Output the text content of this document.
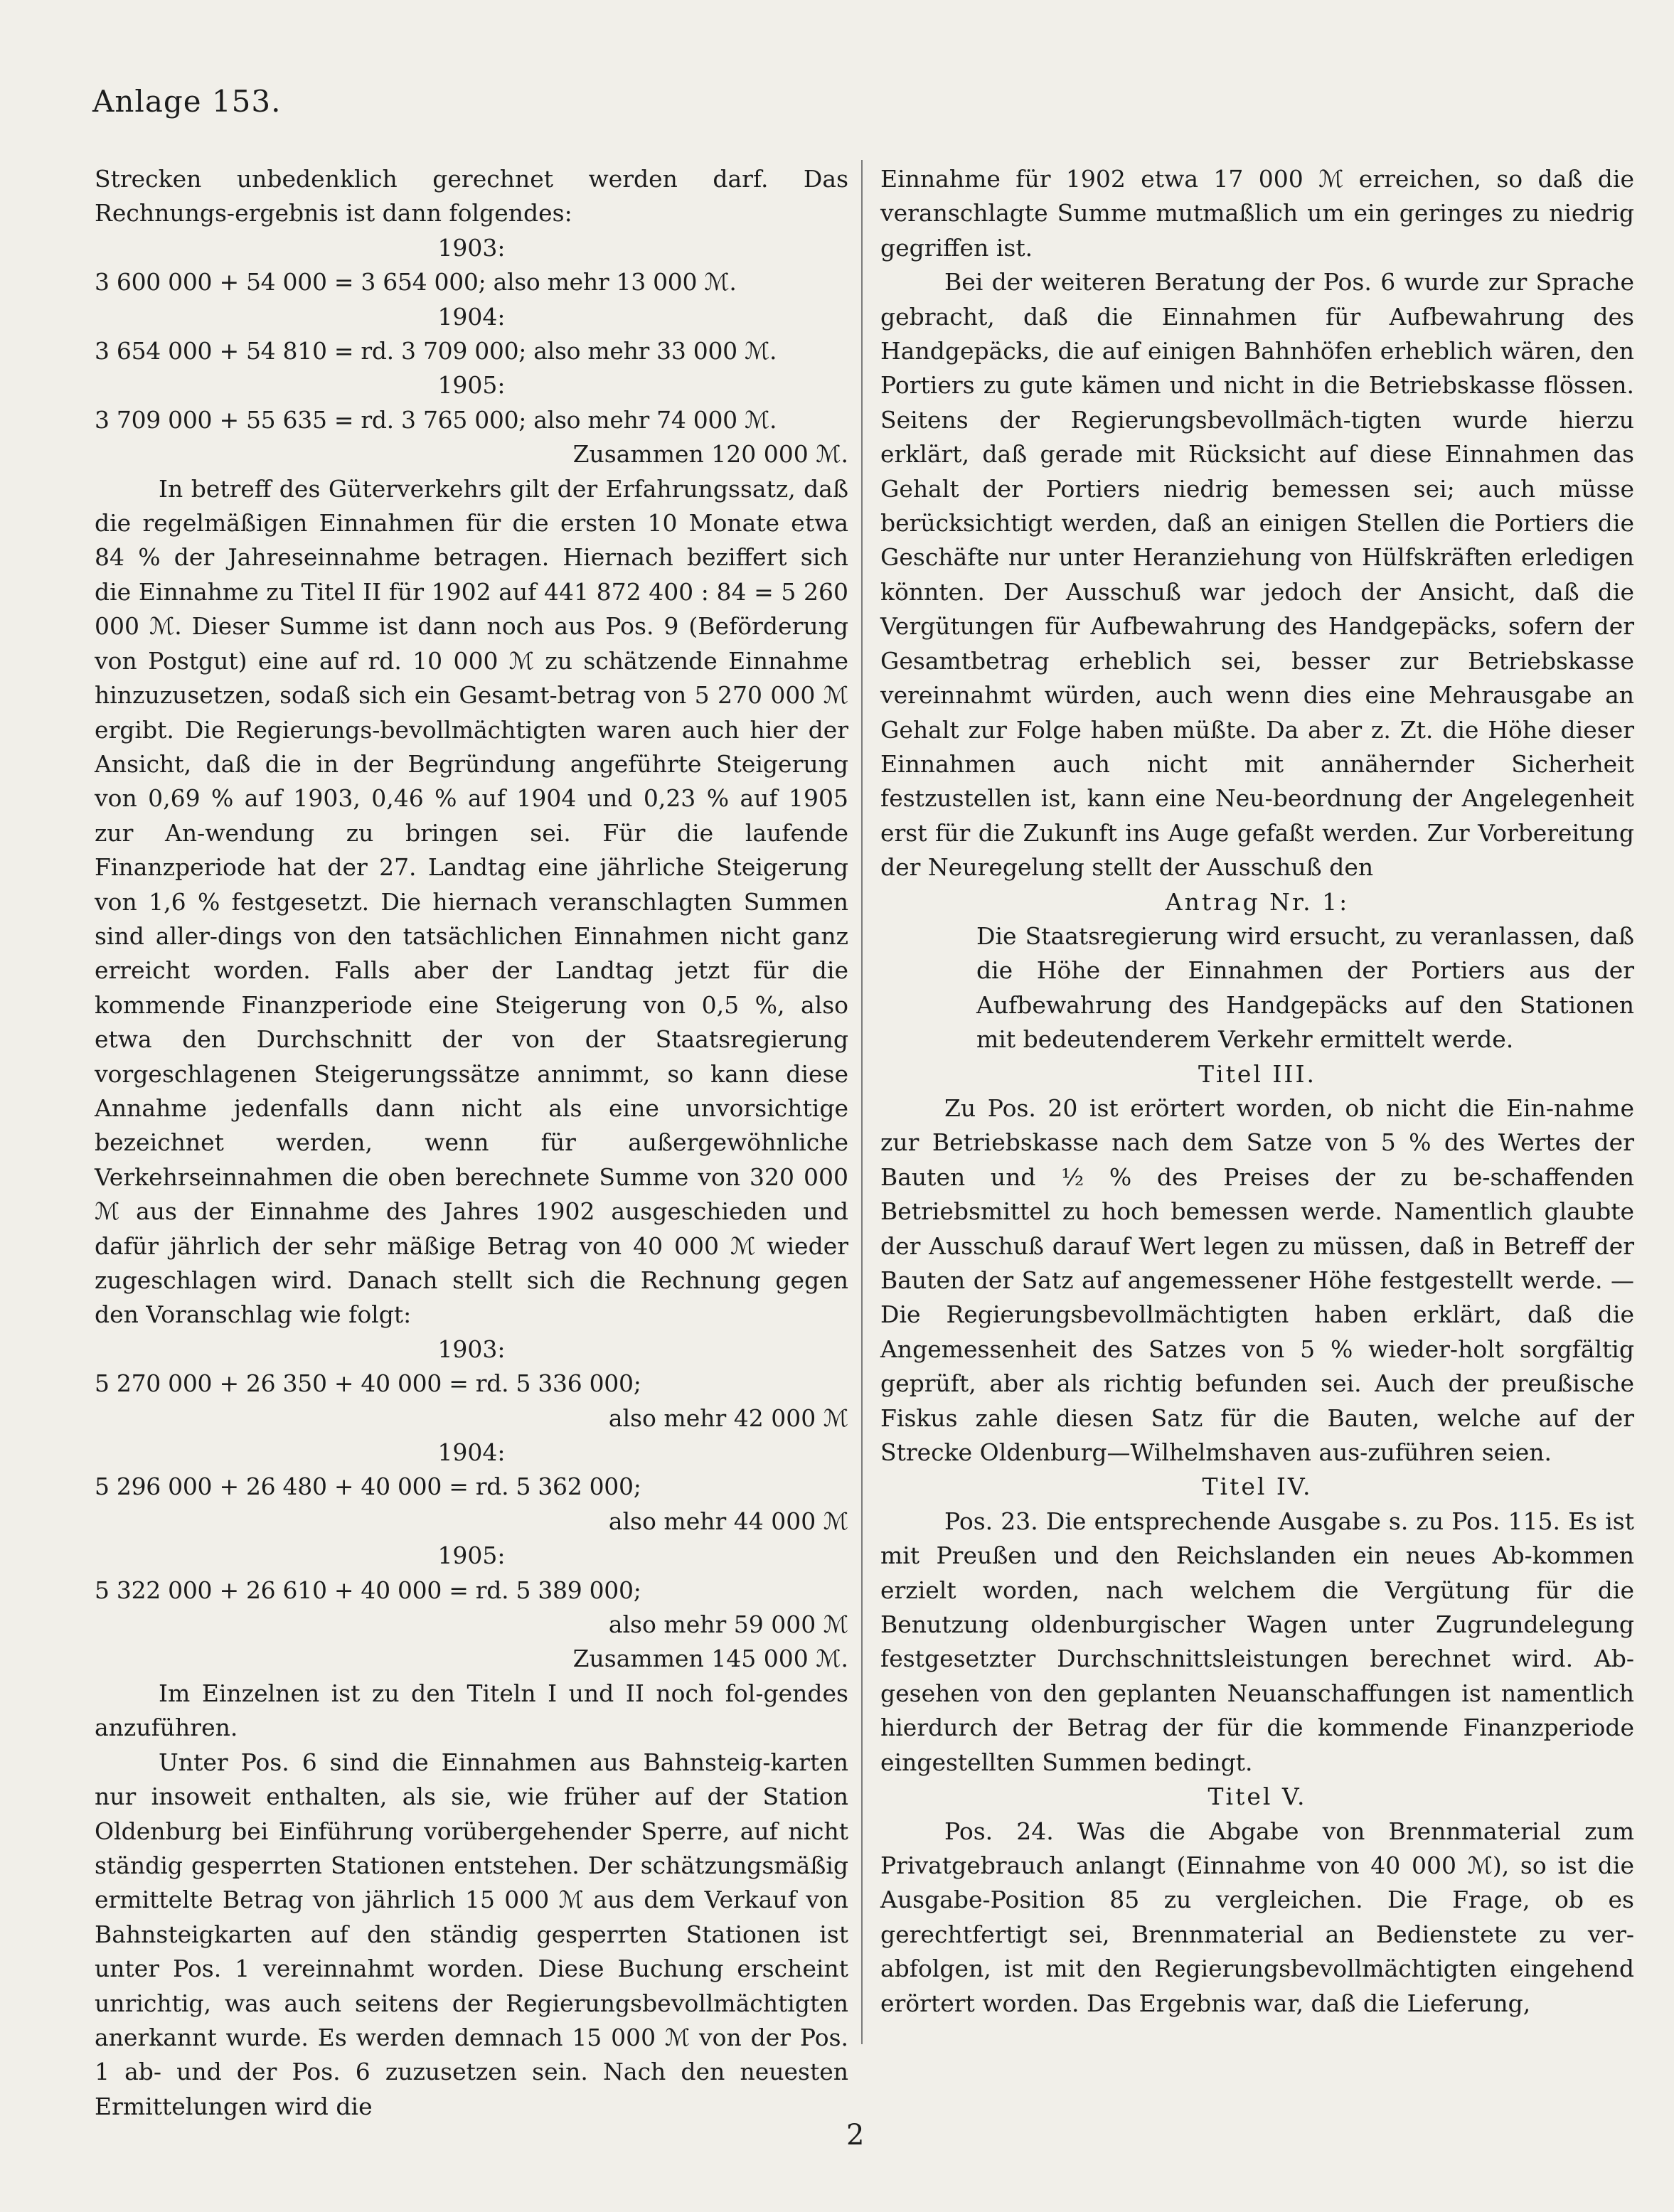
Anlage 153.

Strecken unbedenklich gerechnet werden darf. Das Rechnungs-ergebnis ist dann folgendes:

1903:

3 600 000 + 54 000 = 3 654 000; also mehr 13 000 ℳ.

1904:

3 654 000 + 54 810 = rd. 3 709 000; also mehr 33 000 ℳ.

1905:

3 709 000 + 55 635 = rd. 3 765 000; also mehr 74 000 ℳ.

Zusammen 120 000 ℳ.

In betreff des Güterverkehrs gilt der Erfahrungssatz, daß die regelmäßigen Einnahmen für die ersten 10 Monate etwa 84 % der Jahreseinnahme betragen. Hiernach beziffert sich die Einnahme zu Titel II für 1902 auf 441 872 400 : 84 = 5 260 000 ℳ. Dieser Summe ist dann noch aus Pos. 9 (Beförderung von Postgut) eine auf rd. 10 000 ℳ zu schätzende Einnahme hinzuzusetzen, sodaß sich ein Gesamt-betrag von 5 270 000 ℳ ergibt. Die Regierungs-bevollmächtigten waren auch hier der Ansicht, daß die in der Begründung angeführte Steigerung von 0,69 % auf 1903, 0,46 % auf 1904 und 0,23 % auf 1905 zur An-wendung zu bringen sei. Für die laufende Finanzperiode hat der 27. Landtag eine jährliche Steigerung von 1,6 % festgesetzt. Die hiernach veranschlagten Summen sind aller-dings von den tatsächlichen Einnahmen nicht ganz erreicht worden. Falls aber der Landtag jetzt für die kommende Finanzperiode eine Steigerung von 0,5 %, also etwa den Durchschnitt der von der Staatsregierung vorgeschlagenen Steigerungssätze annimmt, so kann diese Annahme jedenfalls dann nicht als eine unvorsichtige bezeichnet werden, wenn für außergewöhnliche Verkehrseinnahmen die oben berechnete Summe von 320 000 ℳ aus der Einnahme des Jahres 1902 ausgeschieden und dafür jährlich der sehr mäßige Betrag von 40 000 ℳ wieder zugeschlagen wird. Danach stellt sich die Rechnung gegen den Voranschlag wie folgt:

1903:

5 270 000 + 26 350 + 40 000 = rd. 5 336 000;

also mehr 42 000 ℳ

1904:

5 296 000 + 26 480 + 40 000 = rd. 5 362 000;

also mehr 44 000 ℳ

1905:

5 322 000 + 26 610 + 40 000 = rd. 5 389 000;

also mehr 59 000 ℳ

Zusammen 145 000 ℳ.

Im Einzelnen ist zu den Titeln I und II noch fol-gendes anzuführen.

Unter Pos. 6 sind die Einnahmen aus Bahnsteig-karten nur insoweit enthalten, als sie, wie früher auf der Station Oldenburg bei Einführung vorübergehender Sperre, auf nicht ständig gesperrten Stationen entstehen. Der schätzungsmäßig ermittelte Betrag von jährlich 15 000 ℳ aus dem Verkauf von Bahnsteigkarten auf den ständig gesperrten Stationen ist unter Pos. 1 vereinnahmt worden. Diese Buchung erscheint unrichtig, was auch seitens der Regierungsbevollmächtigten anerkannt wurde. Es werden demnach 15 000 ℳ von der Pos. 1 ab- und der Pos. 6 zuzusetzen sein. Nach den neuesten Ermittelungen wird die

Einnahme für 1902 etwa 17 000 ℳ erreichen, so daß die veranschlagte Summe mutmaßlich um ein geringes zu niedrig gegriffen ist.

Bei der weiteren Beratung der Pos. 6 wurde zur Sprache gebracht, daß die Einnahmen für Aufbewahrung des Handgepäcks, die auf einigen Bahnhöfen erheblich wären, den Portiers zu gute kämen und nicht in die Betriebskasse flössen. Seitens der Regierungsbevollmäch-tigten wurde hierzu erklärt, daß gerade mit Rücksicht auf diese Einnahmen das Gehalt der Portiers niedrig bemessen sei; auch müsse berücksichtigt werden, daß an einigen Stellen die Portiers die Geschäfte nur unter Heranziehung von Hülfskräften erledigen könnten. Der Ausschuß war jedoch der Ansicht, daß die Vergütungen für Aufbewahrung des Handgepäcks, sofern der Gesamtbetrag erheblich sei, besser zur Betriebskasse vereinnahmt würden, auch wenn dies eine Mehrausgabe an Gehalt zur Folge haben müßte. Da aber z. Zt. die Höhe dieser Einnahmen auch nicht mit annähernder Sicherheit festzustellen ist, kann eine Neu-beordnung der Angelegenheit erst für die Zukunft ins Auge gefaßt werden. Zur Vorbereitung der Neuregelung stellt der Ausschuß den

Antrag Nr. 1:

Die Staatsregierung wird ersucht, zu veranlassen, daß die Höhe der Einnahmen der Portiers aus der Aufbewahrung des Handgepäcks auf den Stationen mit bedeutenderem Verkehr ermittelt werde.

Titel III.

Zu Pos. 20 ist erörtert worden, ob nicht die Ein-nahme zur Betriebskasse nach dem Satze von 5 % des Wertes der Bauten und ½ % des Preises der zu be-schaffenden Betriebsmittel zu hoch bemessen werde. Namentlich glaubte der Ausschuß darauf Wert legen zu müssen, daß in Betreff der Bauten der Satz auf angemessener Höhe festgestellt werde. — Die Regierungsbevollmächtigten haben erklärt, daß die Angemessenheit des Satzes von 5 % wieder-holt sorgfältig geprüft, aber als richtig befunden sei. Auch der preußische Fiskus zahle diesen Satz für die Bauten, welche auf der Strecke Oldenburg—Wilhelmshaven aus-zuführen seien.

Titel IV.

Pos. 23. Die entsprechende Ausgabe s. zu Pos. 115. Es ist mit Preußen und den Reichslanden ein neues Ab-kommen erzielt worden, nach welchem die Vergütung für die Benutzung oldenburgischer Wagen unter Zugrundelegung festgesetzter Durchschnittsleistungen berechnet wird. Ab-gesehen von den geplanten Neuanschaffungen ist namentlich hierdurch der Betrag der für die kommende Finanzperiode eingestellten Summen bedingt.

Titel V.

Pos. 24. Was die Abgabe von Brennmaterial zum Privatgebrauch anlangt (Einnahme von 40 000 ℳ), so ist die Ausgabe-Position 85 zu vergleichen. Die Frage, ob es gerechtfertigt sei, Brennmaterial an Bedienstete zu ver-abfolgen, ist mit den Regierungsbevollmächtigten eingehend erörtert worden. Das Ergebnis war, daß die Lieferung,

2
